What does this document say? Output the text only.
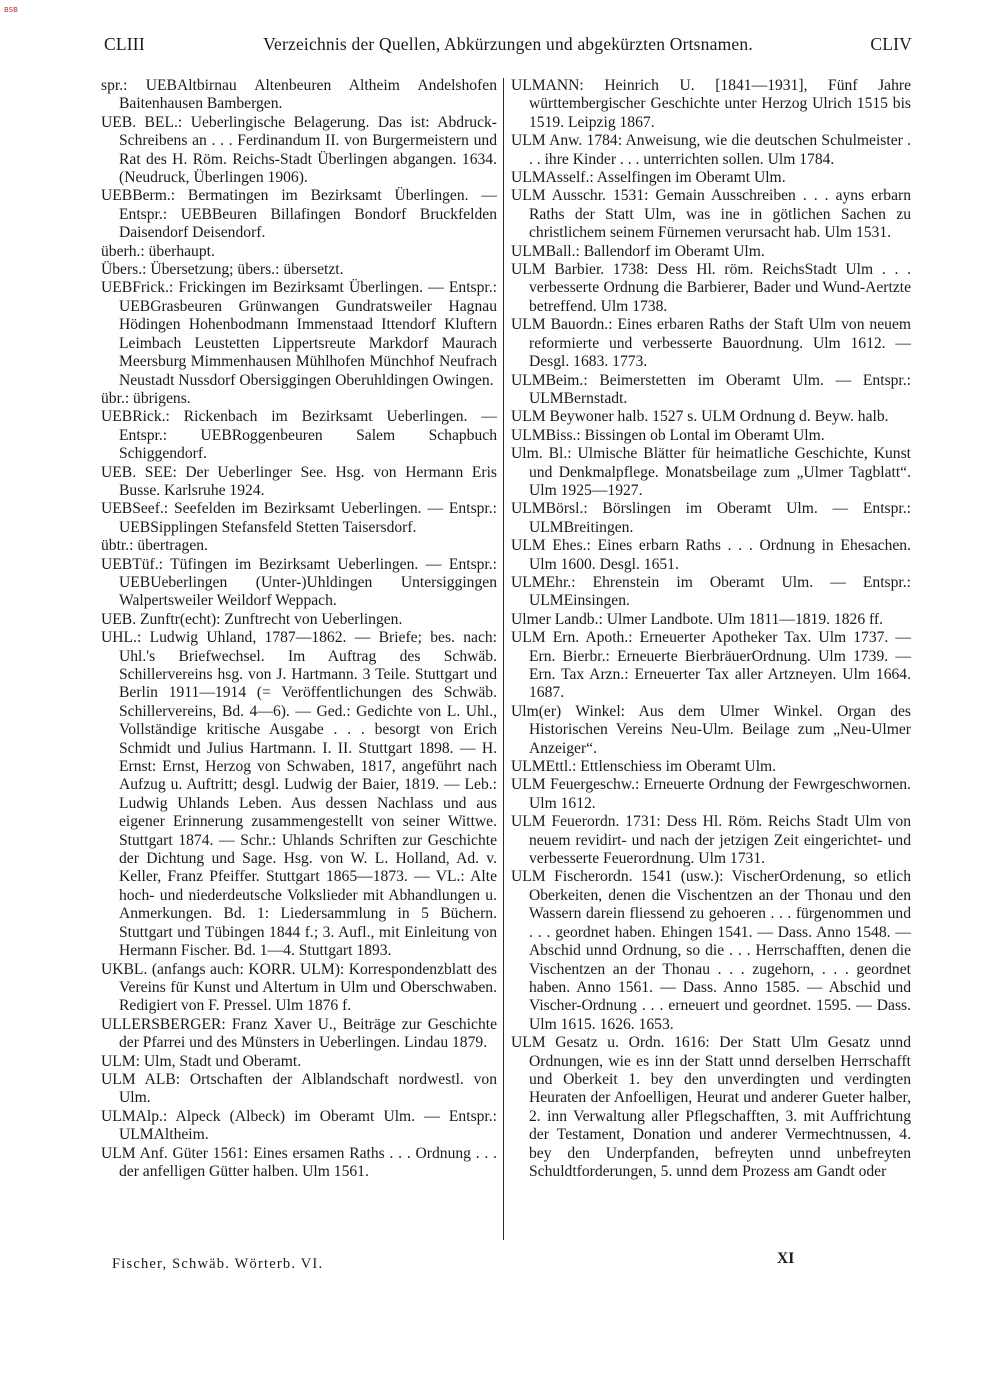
BSB
CLIII	Verzeichnis der Quellen, Abkürzungen und abgekürzten Ortsnamen.	CLIV

spr.: UEBAltbirnau Altenbeuren Altheim Andelshofen Baitenhausen Bambergen.

UEB. BEL.: Ueberlingische Belagerung. Das ist: Abdruck-Schreibens an . . . Ferdinandum II. von Burgermeistern und Rat des H. Röm. Reichs-Stadt Überlingen abgangen. 1634. (Neudruck, Überlingen 1906).

UEBBerm.: Bermatingen im Bezirksamt Überlingen. — Entspr.: UEBBeuren Billafingen Bondorf Bruckfelden Daisendorf Deisendorf.

überh.: überhaupt.

Übers.: Übersetzung; übers.: übersetzt.

UEBFrick.: Frickingen im Bezirksamt Überlingen. — Entspr.: UEBGrasbeuren Grünwangen Gundratsweiler Hagnau Hödingen Hohenbodmann Immenstaad Ittendorf Kluftern Leimbach Leustetten Lippertsreute Markdorf Maurach Meersburg Mimmenhausen Mühlhofen Münchhof Neufrach Neustadt Nussdorf Obersiggingen Oberuhldingen Owingen.

übr.: übrigens.

UEBRick.: Rickenbach im Bezirksamt Ueberlingen. — Entspr.: UEBRoggenbeuren Salem Schapbuch Schiggendorf.

UEB. SEE: Der Ueberlinger See. Hsg. von Hermann Eris Busse. Karlsruhe 1924.

UEBSeef.: Seefelden im Bezirksamt Ueberlingen. — Entspr.: UEBSipplingen Stefansfeld Stetten Taisersdorf.

übtr.: übertragen.

UEBTüf.: Tüfingen im Bezirksamt Ueberlingen. — Entspr.: UEBUeberlingen (Unter-)Uhldingen Untersiggingen Walpertsweiler Weildorf Weppach.

UEB. Zunftr(echt): Zunftrecht von Ueberlingen.

UHL.: Ludwig Uhland, 1787—1862. — Briefe; bes. nach: Uhl.'s Briefwechsel. Im Auftrag des Schwäb. Schillervereins hsg. von J. Hartmann. 3 Teile. Stuttgart und Berlin 1911—1914 (= Veröffentlichungen des Schwäb. Schillervereins, Bd. 4—6). — Ged.: Gedichte von L. Uhl., Vollständige kritische Ausgabe . . . besorgt von Erich Schmidt und Julius Hartmann. I. II. Stuttgart 1898. — H. Ernst: Ernst, Herzog von Schwaben, 1817, angeführt nach Aufzug u. Auftritt; desgl. Ludwig der Baier, 1819. — Leb.: Ludwig Uhlands Leben. Aus dessen Nachlass und aus eigener Erinnerung zusammengestellt von seiner Wittwe. Stuttgart 1874. — Schr.: Uhlands Schriften zur Geschichte der Dichtung und Sage. Hsg. von W. L. Holland, Ad. v. Keller, Franz Pfeiffer. Stuttgart 1865—1873. — VL.: Alte hoch- und niederdeutsche Volkslieder mit Abhandlungen u. Anmerkungen. Bd. 1: Liedersammlung in 5 Büchern. Stuttgart und Tübingen 1844 f.; 3. Aufl., mit Einleitung von Hermann Fischer. Bd. 1—4. Stuttgart 1893.

UKBL. (anfangs auch: KORR. ULM): Korrespondenzblatt des Vereins für Kunst und Altertum in Ulm und Oberschwaben. Redigiert von F. Pressel. Ulm 1876 f.

ULLERSBERGER: Franz Xaver U., Beiträge zur Geschichte der Pfarrei und des Münsters in Ueberlingen. Lindau 1879.

ULM: Ulm, Stadt und Oberamt.

ULM ALB: Ortschaften der Alblandschaft nordwestl. von Ulm.

ULMAlp.: Alpeck (Albeck) im Oberamt Ulm. — Entspr.: ULMAltheim.

ULM Anf. Güter 1561: Eines ersamen Raths . . . Ordnung . . . der anfelligen Gütter halben. Ulm 1561.

ULMANN: Heinrich U. [1841—1931], Fünf Jahre württembergischer Geschichte unter Herzog Ulrich 1515 bis 1519. Leipzig 1867.

ULM Anw. 1784: Anweisung, wie die deutschen Schulmeister . . . ihre Kinder . . . unterrichten sollen. Ulm 1784.

ULMAsself.: Asselfingen im Oberamt Ulm.

ULM Ausschr. 1531: Gemain Ausschreiben . . . ayns erbarn Raths der Statt Ulm, was ine in götlichen Sachen zu christlichem seinem Fürnemen verursacht hab. Ulm 1531.

ULMBall.: Ballendorf im Oberamt Ulm.

ULM Barbier. 1738: Dess Hl. röm. ReichsStadt Ulm . . . verbesserte Ordnung die Barbierer, Bader und Wund-Aertzte betreffend. Ulm 1738.

ULM Bauordn.: Eines erbaren Raths der Staft Ulm von neuem reformierte und verbesserte Bauordnung. Ulm 1612. — Desgl. 1683. 1773.

ULMBeim.: Beimerstetten im Oberamt Ulm. — Entspr.: ULMBernstadt.

ULM Beywoner halb. 1527 s. ULM Ordnung d. Beyw. halb.

ULMBiss.: Bissingen ob Lontal im Oberamt Ulm.

Ulm. Bl.: Ulmische Blätter für heimatliche Geschichte, Kunst und Denkmalpflege. Monatsbeilage zum „Ulmer Tagblatt“. Ulm 1925—1927.

ULMBörsl.: Börslingen im Oberamt Ulm. — Entspr.: ULMBreitingen.

ULM Ehes.: Eines erbarn Raths . . . Ordnung in Ehesachen. Ulm 1600. Desgl. 1651.

ULMEhr.: Ehrenstein im Oberamt Ulm. — Entspr.: ULMEinsingen.

Ulmer Landb.: Ulmer Landbote. Ulm 1811—1819. 1826 ff.

ULM Ern. Apoth.: Erneuerter Apotheker Tax. Ulm 1737. — Ern. Bierbr.: Erneuerte BierbräuerOrdnung. Ulm 1739. — Ern. Tax Arzn.: Erneuerter Tax aller Artzneyen. Ulm 1664. 1687.

Ulm(er) Winkel: Aus dem Ulmer Winkel. Organ des Historischen Vereins Neu-Ulm. Beilage zum „Neu-Ulmer Anzeiger“.

ULMEttl.: Ettlenschiess im Oberamt Ulm.

ULM Feuergeschw.: Erneuerte Ordnung der Fewrgeschwornen. Ulm 1612.

ULM Feuerordn. 1731: Dess Hl. Röm. Reichs Stadt Ulm von neuem revidirt- und nach der jetzigen Zeit eingerichtet- und verbesserte Feuerordnung. Ulm 1731.

ULM Fischerordn. 1541 (usw.): VischerOrdenung, so etlich Oberkeiten, denen die Vischentzen an der Thonau und den Wassern darein fliessend zu gehoeren . . . fürgenommen und . . . geordnet haben. Ehingen 1541. — Dass. Anno 1548. — Abschid unnd Ordnung, so die . . . Herrschafften, denen die Vischentzen an der Thonau . . . zugehorn, . . . geordnet haben. Anno 1561. — Dass. Anno 1585. — Abschid und Vischer-Ordnung . . . erneuert und geordnet. 1595. — Dass. Ulm 1615. 1626. 1653.

ULM Gesatz u. Ordn. 1616: Der Statt Ulm Gesatz unnd Ordnungen, wie es inn der Statt unnd derselben Herrschafft und Oberkeit 1. bey den unverdingten und verdingten Heuraten der Anfoelligen, Heurat und anderer Gueter halber, 2. inn Verwaltung aller Pflegschafften, 3. mit Auffrichtung der Testament, Donation und anderer Vermechtnussen, 4. bey den Underpfanden, befreyten unnd unbefreyten Schuldtforderungen, 5. unnd dem Prozess am Gandt oder

Fischer, Schwäb. Wörterb. VI.	XI
